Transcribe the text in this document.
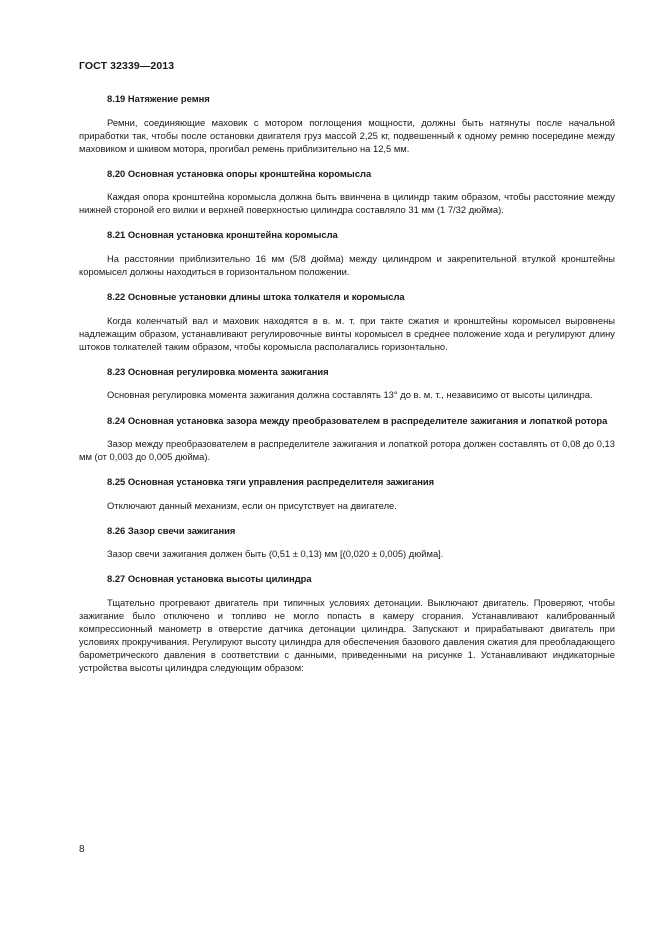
ГОСТ 32339—2013
8.19 Натяжение ремня

Ремни, соединяющие маховик с мотором поглощения мощности, должны быть натянуты после начальной приработки так, чтобы после остановки двигателя груз массой 2,25 кг, подвешенный к одному ремню посередине между маховиком и шкивом мотора, прогибал ремень приблизительно на 12,5 мм.

8.20 Основная установка опоры кронштейна коромысла

Каждая опора кронштейна коромысла должна быть ввинчена в цилиндр таким образом, чтобы расстояние между нижней стороной его вилки и верхней поверхностью цилиндра составляло 31 мм (1 7/32 дюйма).

8.21 Основная установка кронштейна коромысла

На расстоянии приблизительно 16 мм (5/8 дюйма) между цилиндром и закрепительной втулкой кронштейны коромысел должны находиться в горизонтальном положении.

8.22 Основные установки длины штока толкателя и коромысла

Когда коленчатый вал и маховик находятся в в. м. т. при такте сжатия и кронштейны коромысел выровнены надлежащим образом, устанавливают регулировочные винты коромысел в среднее положение хода и регулируют длину штоков толкателей таким образом, чтобы коромысла располагались горизонтально.

8.23 Основная регулировка момента зажигания

Основная регулировка момента зажигания должна составлять 13° до в. м. т., независимо от высоты цилиндра.

8.24 Основная установка зазора между преобразователем в распределителе зажигания и лопаткой ротора

Зазор между преобразователем в распределителе зажигания и лопаткой ротора должен составлять от 0,08 до 0,13 мм (от 0,003 до 0,005 дюйма).

8.25 Основная установка тяги управления распределителя зажигания

Отключают данный механизм, если он присутствует на двигателе.

8.26 Зазор свечи зажигания

Зазор свечи зажигания должен быть (0,51 ± 0,13) мм [(0,020 ± 0,005) дюйма].

8.27 Основная установка высоты цилиндра

Тщательно прогревают двигатель при типичных условиях детонации. Выключают двигатель. Проверяют, чтобы зажигание было отключено и топливо не могло попасть в камеру сгорания. Устанавливают калиброванный компрессионный манометр в отверстие датчика детонации цилиндра. Запускают и прирабатывают двигатель при условиях прокручивания. Регулируют высоту цилиндра для обеспечения базового давления сжатия для преобладающего барометрического давления в соответствии с данными, приведенными на рисунке 1. Устанавливают индикаторные устройства высоты цилиндра следующим образом:

8
